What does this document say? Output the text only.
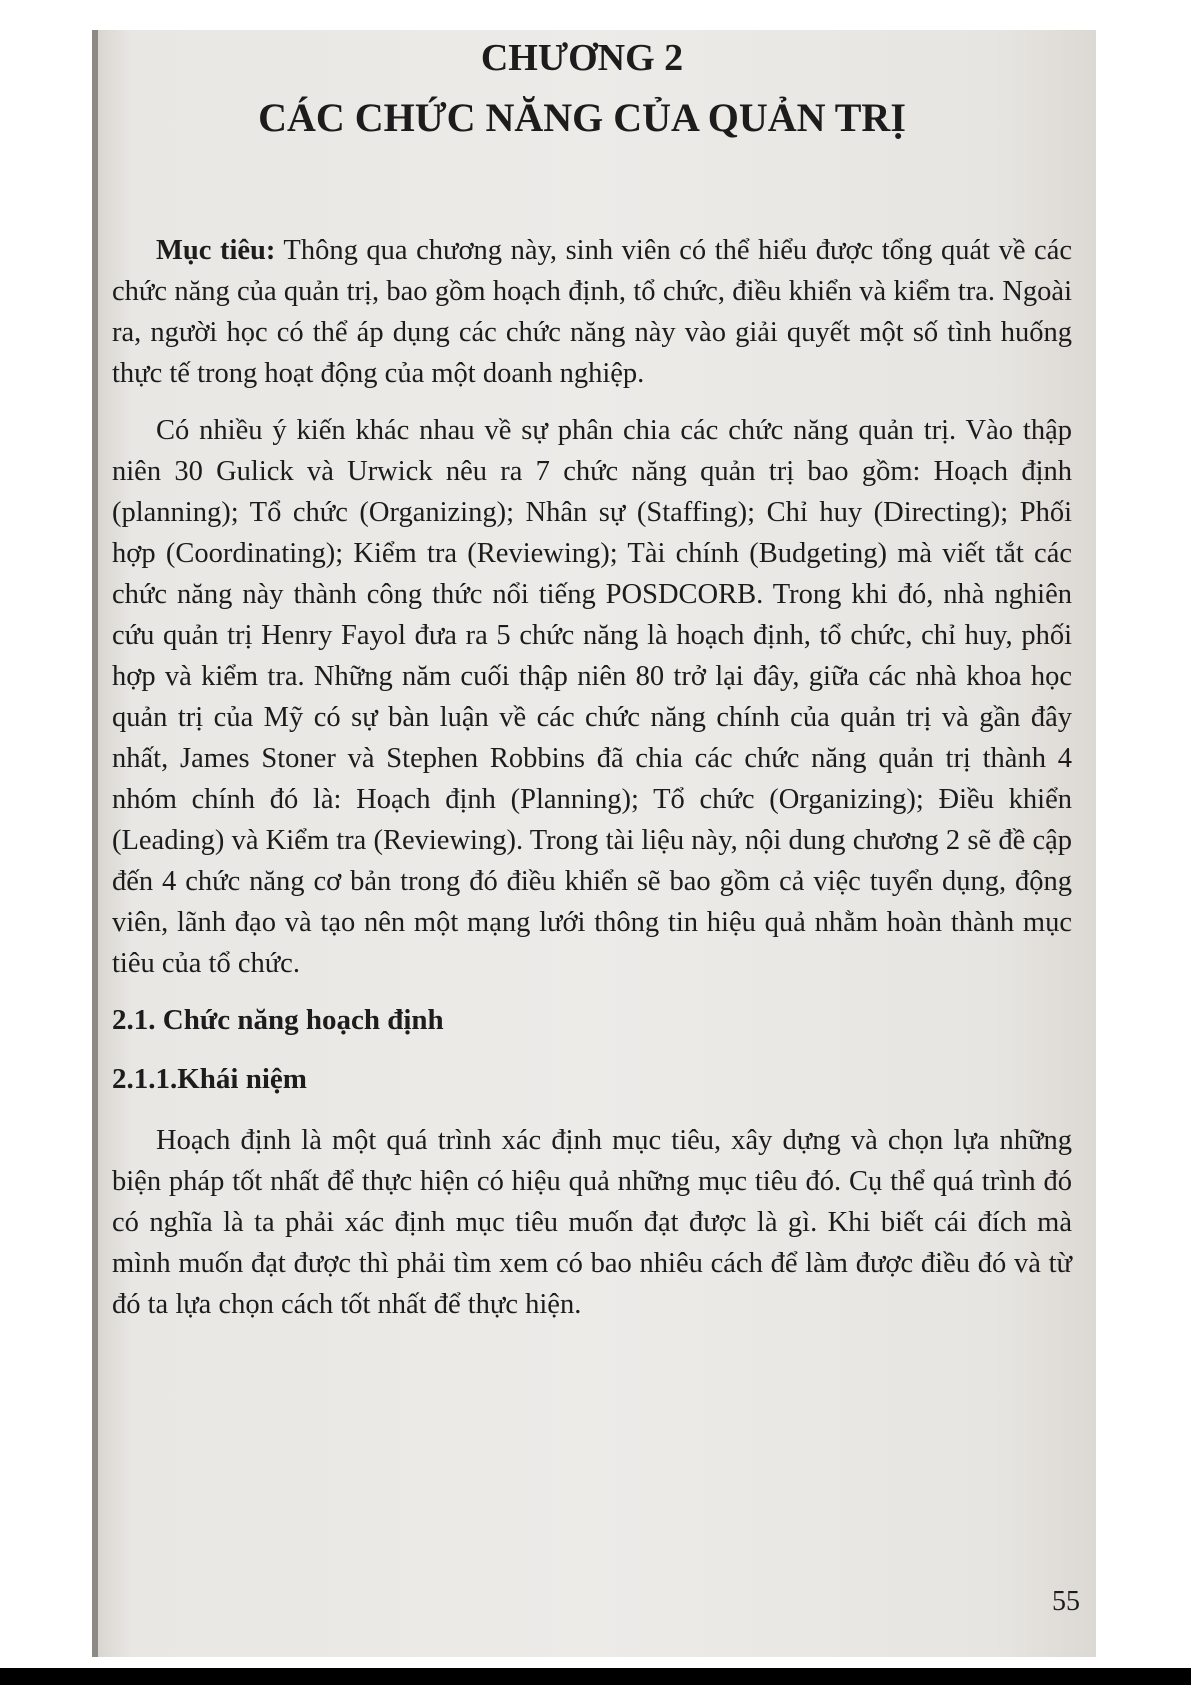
CHƯƠNG 2
CÁC CHỨC NĂNG CỦA QUẢN TRỊ

Mục tiêu: Thông qua chương này, sinh viên có thể hiểu được tổng quát về các chức năng của quản trị, bao gồm hoạch định, tổ chức, điều khiển và kiểm tra. Ngoài ra, người học có thể áp dụng các chức năng này vào giải quyết một số tình huống thực tế trong hoạt động của một doanh nghiệp.

Có nhiều ý kiến khác nhau về sự phân chia các chức năng quản trị. Vào thập niên 30 Gulick và Urwick nêu ra 7 chức năng quản trị bao gồm: Hoạch định (planning); Tổ chức (Organizing); Nhân sự (Staffing); Chỉ huy (Directing); Phối hợp (Coordinating); Kiểm tra (Reviewing); Tài chính (Budgeting) mà viết tắt các chức năng này thành công thức nổi tiếng POSDCORB. Trong khi đó, nhà nghiên cứu quản trị Henry Fayol đưa ra 5 chức năng là hoạch định, tổ chức, chỉ huy, phối hợp và kiểm tra. Những năm cuối thập niên 80 trở lại đây, giữa các nhà khoa học quản trị của Mỹ có sự bàn luận về các chức năng chính của quản trị và gần đây nhất, James Stoner và Stephen Robbins đã chia các chức năng quản trị thành 4 nhóm chính đó là: Hoạch định (Planning); Tổ chức (Organizing); Điều khiển (Leading) và Kiểm tra (Reviewing). Trong tài liệu này, nội dung chương 2 sẽ đề cập đến 4 chức năng cơ bản trong đó điều khiển sẽ bao gồm cả việc tuyển dụng, động viên, lãnh đạo và tạo nên một mạng lưới thông tin hiệu quả nhằm hoàn thành mục tiêu của tổ chức.

2.1. Chức năng hoạch định
2.1.1.Khái niệm

Hoạch định là một quá trình xác định mục tiêu, xây dựng và chọn lựa những biện pháp tốt nhất để thực hiện có hiệu quả những mục tiêu đó. Cụ thể quá trình đó có nghĩa là ta phải xác định mục tiêu muốn đạt được là gì. Khi biết cái đích mà mình muốn đạt được thì phải tìm xem có bao nhiêu cách để làm được điều đó và từ đó ta lựa chọn cách tốt nhất để thực hiện.

55
